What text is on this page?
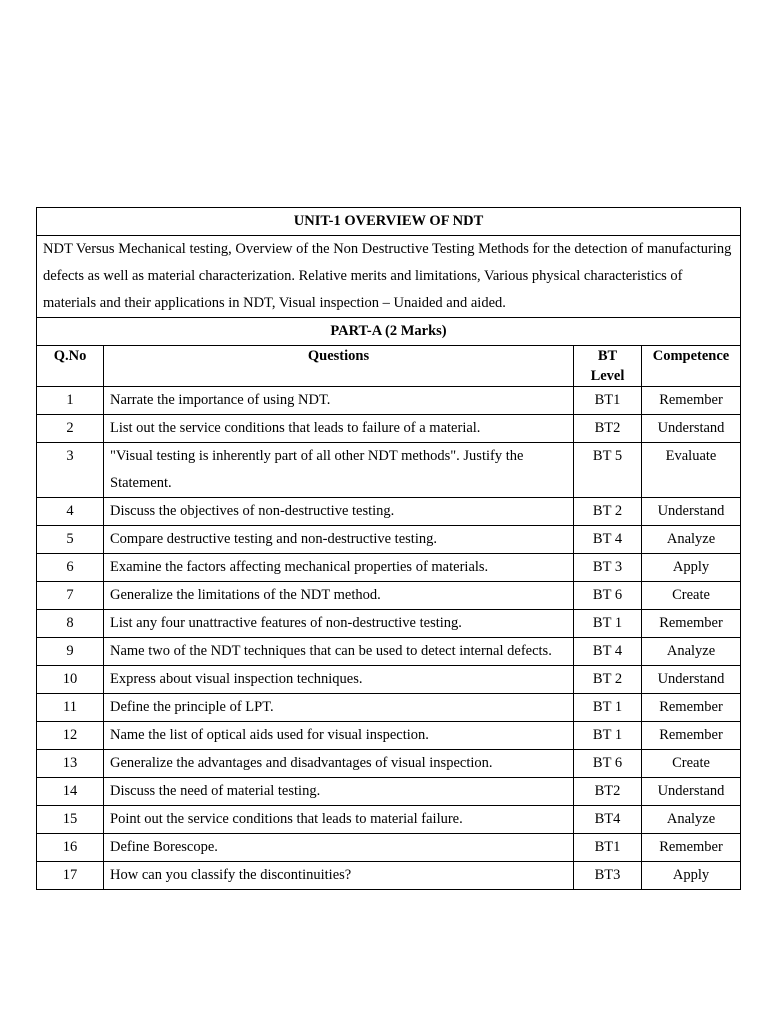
UNIT-1 OVERVIEW OF NDT			
NDT Versus Mechanical testing, Overview of the Non Destructive Testing Methods for the detection of manufacturing defects as well as material characterization. Relative merits and limitations, Various physical characteristics of materials and their applications in NDT, Visual inspection – Unaided and aided.			
PART-A (2 Marks)			
Q.No	Questions	BT Level	Competence
1	Narrate the importance of using NDT.	BT1	Remember
2	List out the service conditions that leads to failure of a material.	BT2	Understand
3	"Visual testing is inherently part of all other NDT methods". Justify the Statement.	BT 5	Evaluate
4	Discuss the objectives of non-destructive testing.	BT 2	Understand
5	Compare destructive testing and non-destructive testing.	BT 4	Analyze
6	Examine the factors affecting mechanical properties of materials.	BT 3	Apply
7	Generalize the limitations of the NDT method.	BT 6	Create
8	List any four unattractive features of non-destructive testing.	BT 1	Remember
9	Name two of the NDT techniques that can be used to detect internal defects.	BT 4	Analyze
10	Express about visual inspection techniques.	BT 2	Understand
11	Define the principle of LPT.	BT 1	Remember
12	Name the list of optical aids used for visual inspection.	BT 1	Remember
13	Generalize the advantages and disadvantages of visual inspection.	BT 6	Create
14	Discuss the need of material testing.	BT2	Understand
15	Point out the service conditions that leads to material failure.	BT4	Analyze
16	Define Borescope.	BT1	Remember
17	How can you classify the discontinuities?	BT3	Apply
